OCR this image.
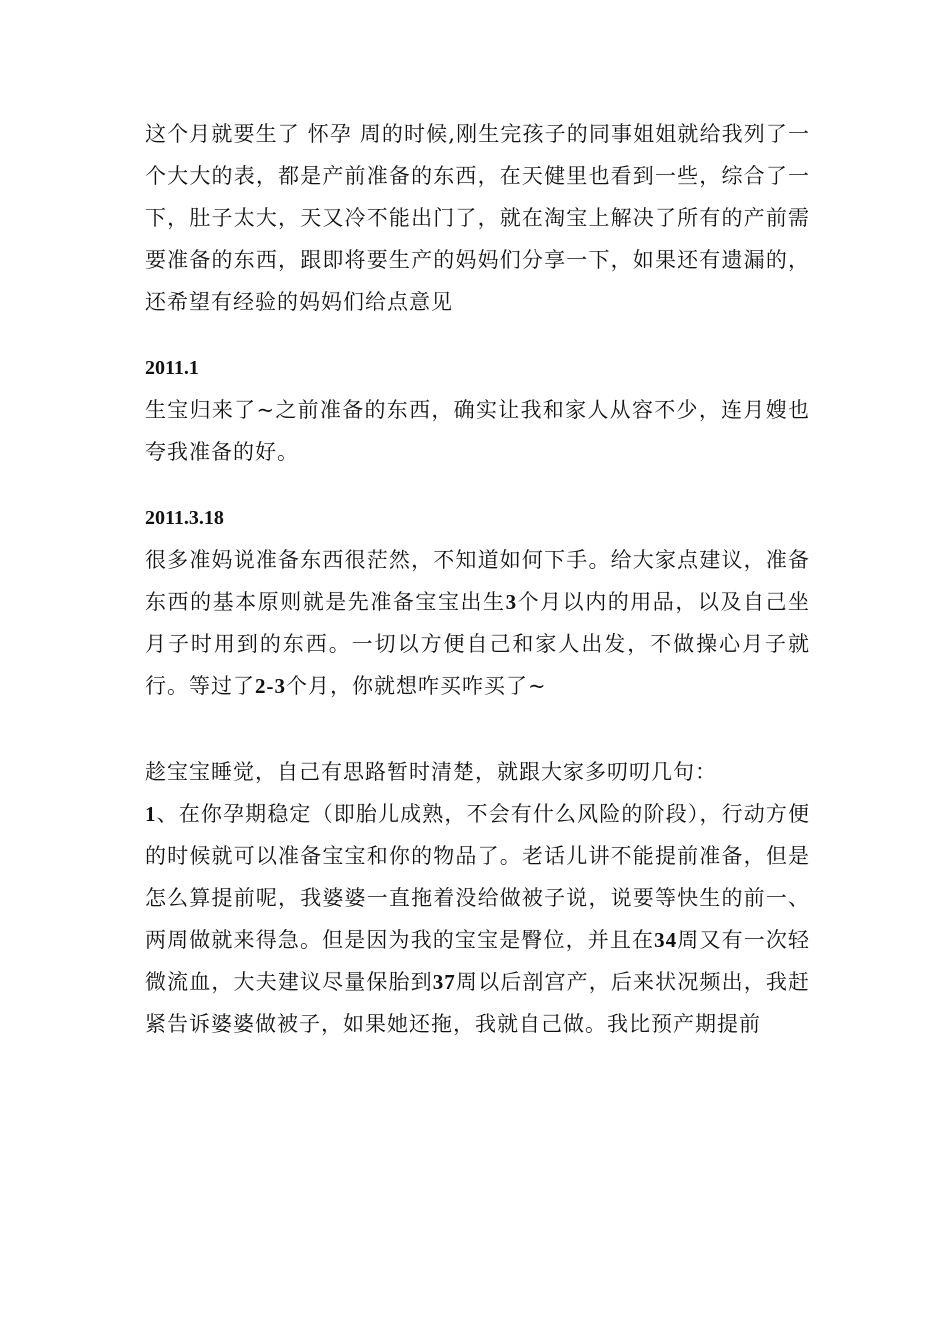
这个月就要生了 怀孕 周的时候,刚生完孩子的同事姐姐就给我列了一个大大的表，都是产前准备的东西，在天健里也看到一些，综合了一下，肚子太大，天又冷不能出门了，就在淘宝上解决了所有的产前需要准备的东西，跟即将要生产的妈妈们分享一下，如果还有遗漏的，还希望有经验的妈妈们给点意见

2011.1

生宝归来了~之前准备的东西，确实让我和家人从容不少，连月嫂也夸我准备的好。

2011.3.18

很多准妈说准备东西很茫然，不知道如何下手。给大家点建议，准备东西的基本原则就是先准备宝宝出生3个月以内的用品，以及自己坐月子时用到的东西。一切以方便自己和家人出发，不做操心月子就行。等过了2-3个月，你就想咋买咋买了~

趁宝宝睡觉，自己有思路暂时清楚，就跟大家多叨叨几句：

1、在你孕期稳定（即胎儿成熟，不会有什么风险的阶段），行动方便的时候就可以准备宝宝和你的物品了。老话儿讲不能提前准备，但是怎么算提前呢，我婆婆一直拖着没给做被子说，说要等快生的前一、两周做就来得急。但是因为我的宝宝是臀位，并且在34周又有一次轻微流血，大夫建议尽量保胎到37周以后剖宫产，后来状况频出，我赶紧告诉婆婆做被子，如果她还拖，我就自己做。我比预产期提前
